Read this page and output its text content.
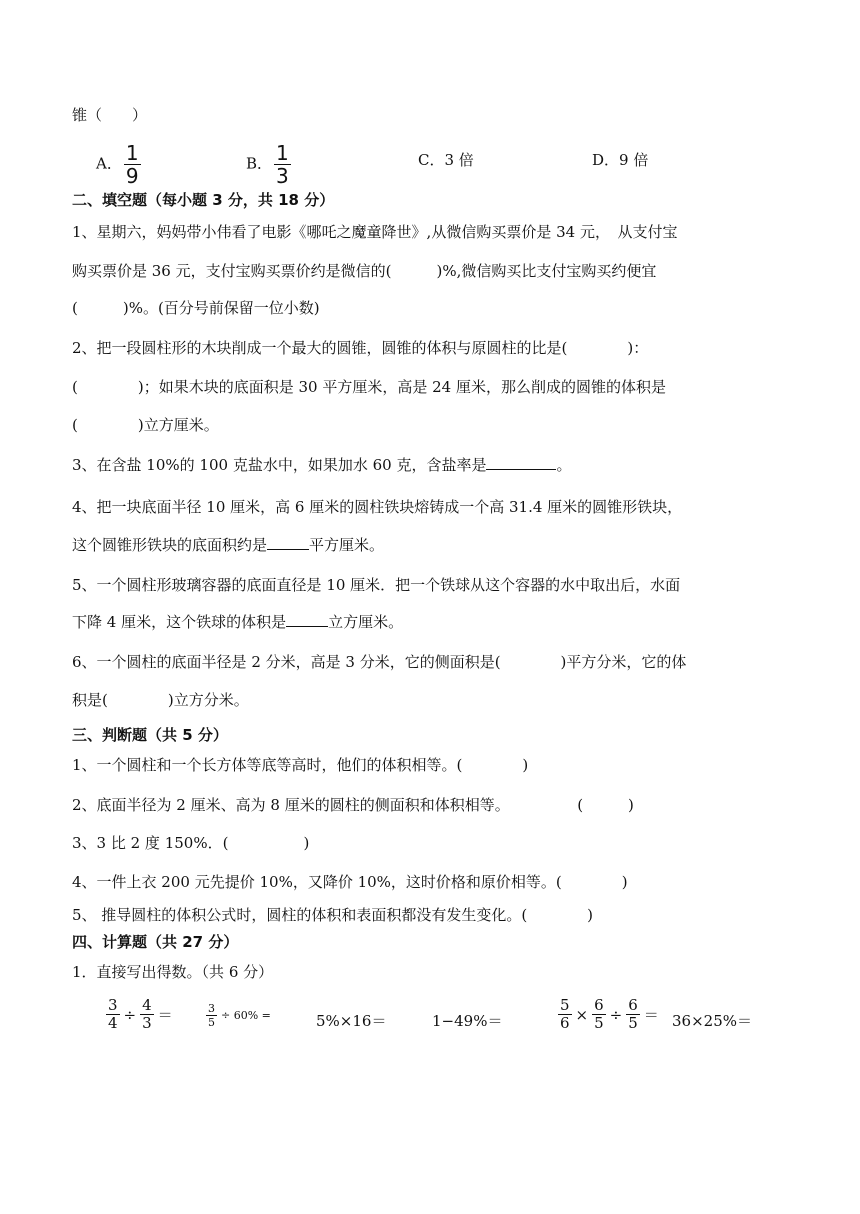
锥（　　）
A． $\frac{1}{9}$	B． $\frac{1}{3}$	C．3 倍	D．9 倍
二、填空题（每小题 3 分，共 18 分）
1、星期六，妈妈带小伟看了电影《哪吒之魔童降世》,从微信购买票价是 34 元，　从支付宝
购买票价是 36 元，支付宝购买票价约是微信的(　　　)%,微信购买比支付宝购买约便宜
(　　　)%。(百分号前保留一位小数)
2、把一段圆柱形的木块削成一个最大的圆锥，圆锥的体积与原圆柱的比是(　　　　)：
(　　　　)；如果木块的底面积是 30 平方厘米，高是 24 厘米，那么削成的圆锥的体积是
(　　　　)立方厘米。
3、在含盐 10%的 100 克盐水中，如果加水 60 克，含盐率是	。
4、把一块底面半径 10 厘米，高 6 厘米的圆柱铁块熔铸成一个高 31.4 厘米的圆锥形铁块，
这个圆锥形铁块的底面积约是	平方厘米。
5、一个圆柱形玻璃容器的底面直径是 10 厘米．把一个铁球从这个容器的水中取出后，水面
下降 4 厘米，这个铁球的体积是	立方厘米。
6、一个圆柱的底面半径是 2 分米，高是 3 分米，它的侧面积是(　　　　)平方分米，它的体
积是(　　　　)立方分米。
三、判断题（共 5 分）
1、一个圆柱和一个长方体等底等高时，他们的体积相等。(　　　　)
2、底面半径为 2 厘米、高为 8 厘米的圆柱的侧面积和体积相等。　　　　　(　　　)
3、3 比 2 度 150%．(　　　　　)
4、一件上衣 200 元先提价 10%，又降价 10%，这时价格和原价相等。(　　　　)
5、 推导圆柱的体积公式时，圆柱的体积和表面积都没有发生变化。(　　　　)
四、计算题（共 27 分）
1．直接写出得数。（共 6 分）
$\frac{3}{4} \div \frac{4}{3}$ ＝	$\frac{3}{5} \div 60\%$ =	5%×16＝	1−49%＝	$\frac{5}{6} \times \frac{6}{5} \div \frac{6}{5} = 36\times 25\%=$
